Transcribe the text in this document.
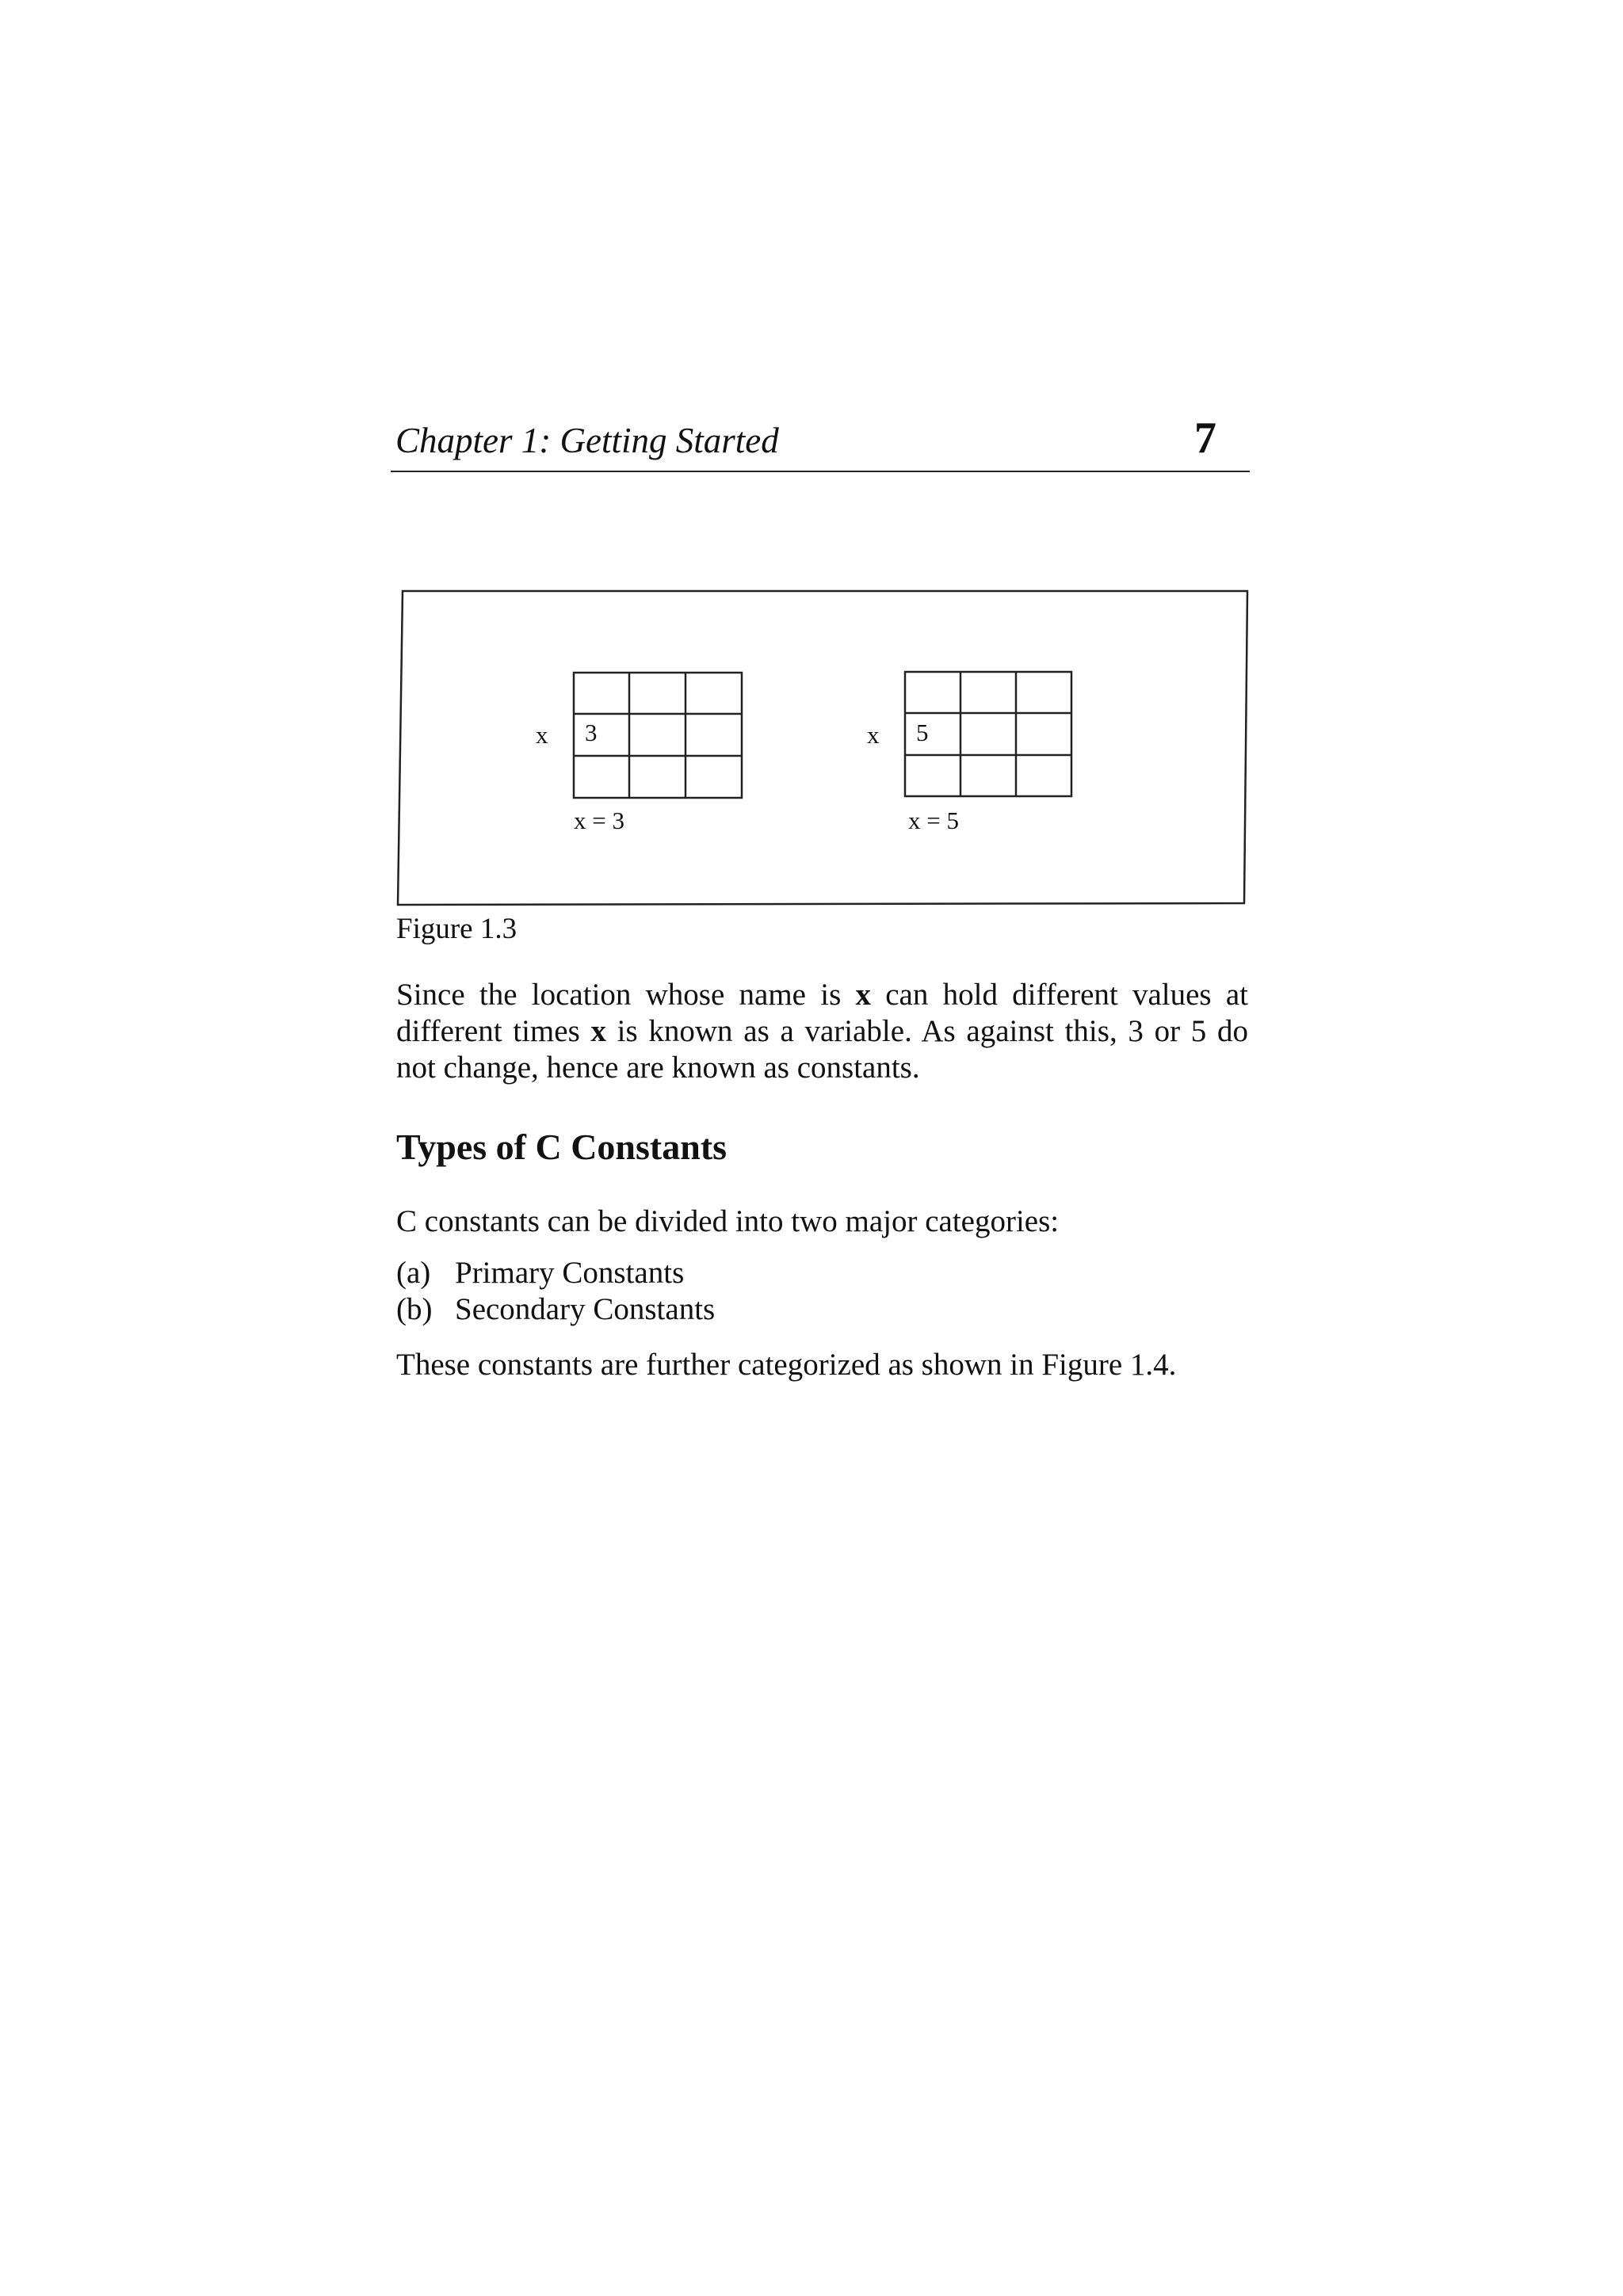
Chapter 1: Getting Started	7
x 3
x = 3
x 5
x = 5
Figure 1.3

Since the location whose name is x can hold different values at different times x is known as a variable. As against this, 3 or 5 do not change, hence are known as constants.

Types of C Constants

C constants can be divided into two major categories:

(a) Primary Constants
(b) Secondary Constants

These constants are further categorized as shown in Figure 1.4.
